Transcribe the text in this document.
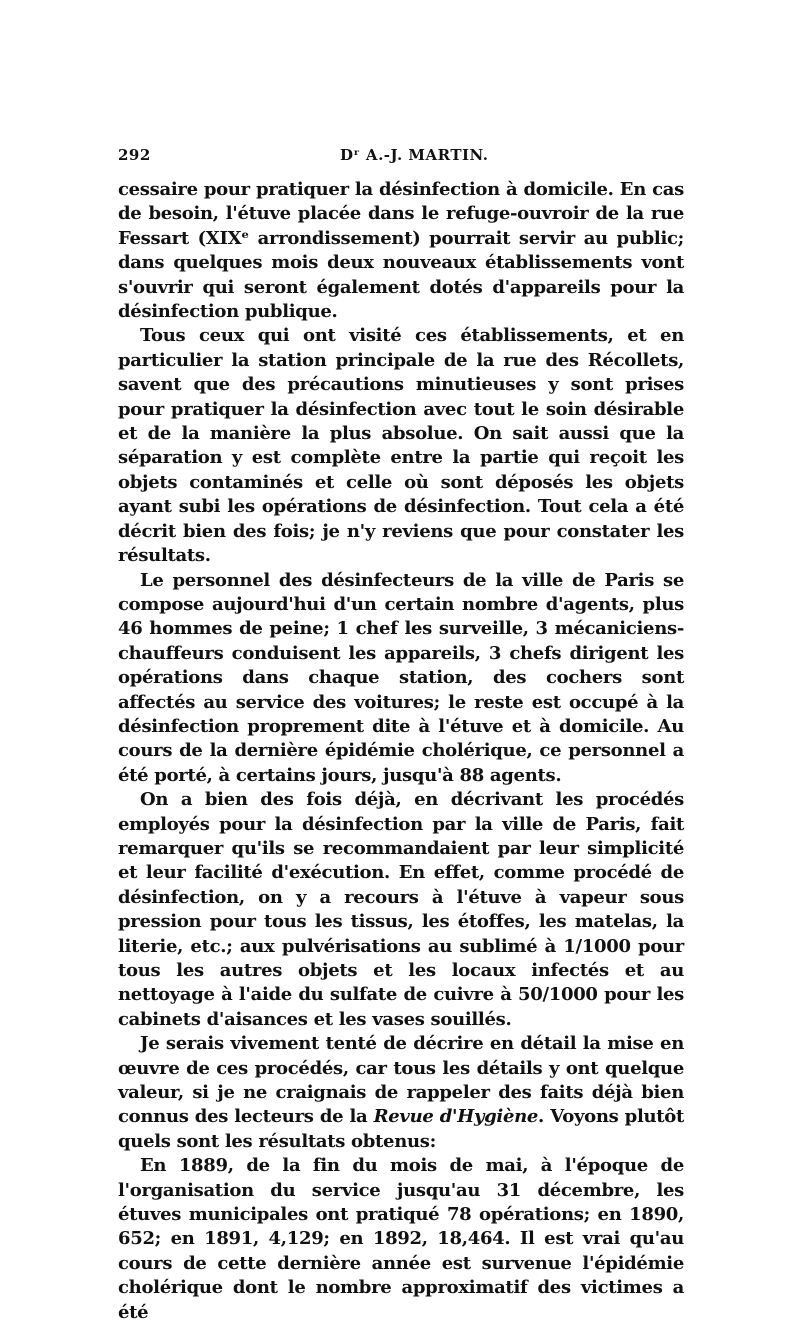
292	Dʳ A.-J. MARTIN.

cessaire pour pratiquer la désinfection à domicile. En cas de besoin, l'étuve placée dans le refuge-ouvroir de la rue Fessart (XIXᵉ arrondissement) pourrait servir au public; dans quelques mois deux nouveaux établissements vont s'ouvrir qui seront également dotés d'appareils pour la désinfection publique.

Tous ceux qui ont visité ces établissements, et en particulier la station principale de la rue des Récollets, savent que des précautions minutieuses y sont prises pour pratiquer la désinfection avec tout le soin désirable et de la manière la plus absolue. On sait aussi que la séparation y est complète entre la partie qui reçoit les objets contaminés et celle où sont déposés les objets ayant subi les opérations de désinfection. Tout cela a été décrit bien des fois; je n'y reviens que pour constater les résultats.

Le personnel des désinfecteurs de la ville de Paris se compose aujourd'hui d'un certain nombre d'agents, plus 46 hommes de peine; 1 chef les surveille, 3 mécaniciens-chauffeurs conduisent les appareils, 3 chefs dirigent les opérations dans chaque station, des cochers sont affectés au service des voitures; le reste est occupé à la désinfection proprement dite à l'étuve et à domicile. Au cours de la dernière épidémie cholérique, ce personnel a été porté, à certains jours, jusqu'à 88 agents.

On a bien des fois déjà, en décrivant les procédés employés pour la désinfection par la ville de Paris, fait remarquer qu'ils se recommandaient par leur simplicité et leur facilité d'exécution. En effet, comme procédé de désinfection, on y a recours à l'étuve à vapeur sous pression pour tous les tissus, les étoffes, les matelas, la literie, etc.; aux pulvérisations au sublimé à 1/1000 pour tous les autres objets et les locaux infectés et au nettoyage à l'aide du sulfate de cuivre à 50/1000 pour les cabinets d'aisances et les vases souillés.

Je serais vivement tenté de décrire en détail la mise en œuvre de ces procédés, car tous les détails y ont quelque valeur, si je ne craignais de rappeler des faits déjà bien connus des lecteurs de la Revue d'Hygiène. Voyons plutôt quels sont les résultats obtenus:

En 1889, de la fin du mois de mai, à l'époque de l'organisation du service jusqu'au 31 décembre, les étuves municipales ont pratiqué 78 opérations; en 1890, 652; en 1891, 4,129; en 1892, 18,464. Il est vrai qu'au cours de cette dernière année est survenue l'épidémie cholérique dont le nombre approximatif des victimes a été
